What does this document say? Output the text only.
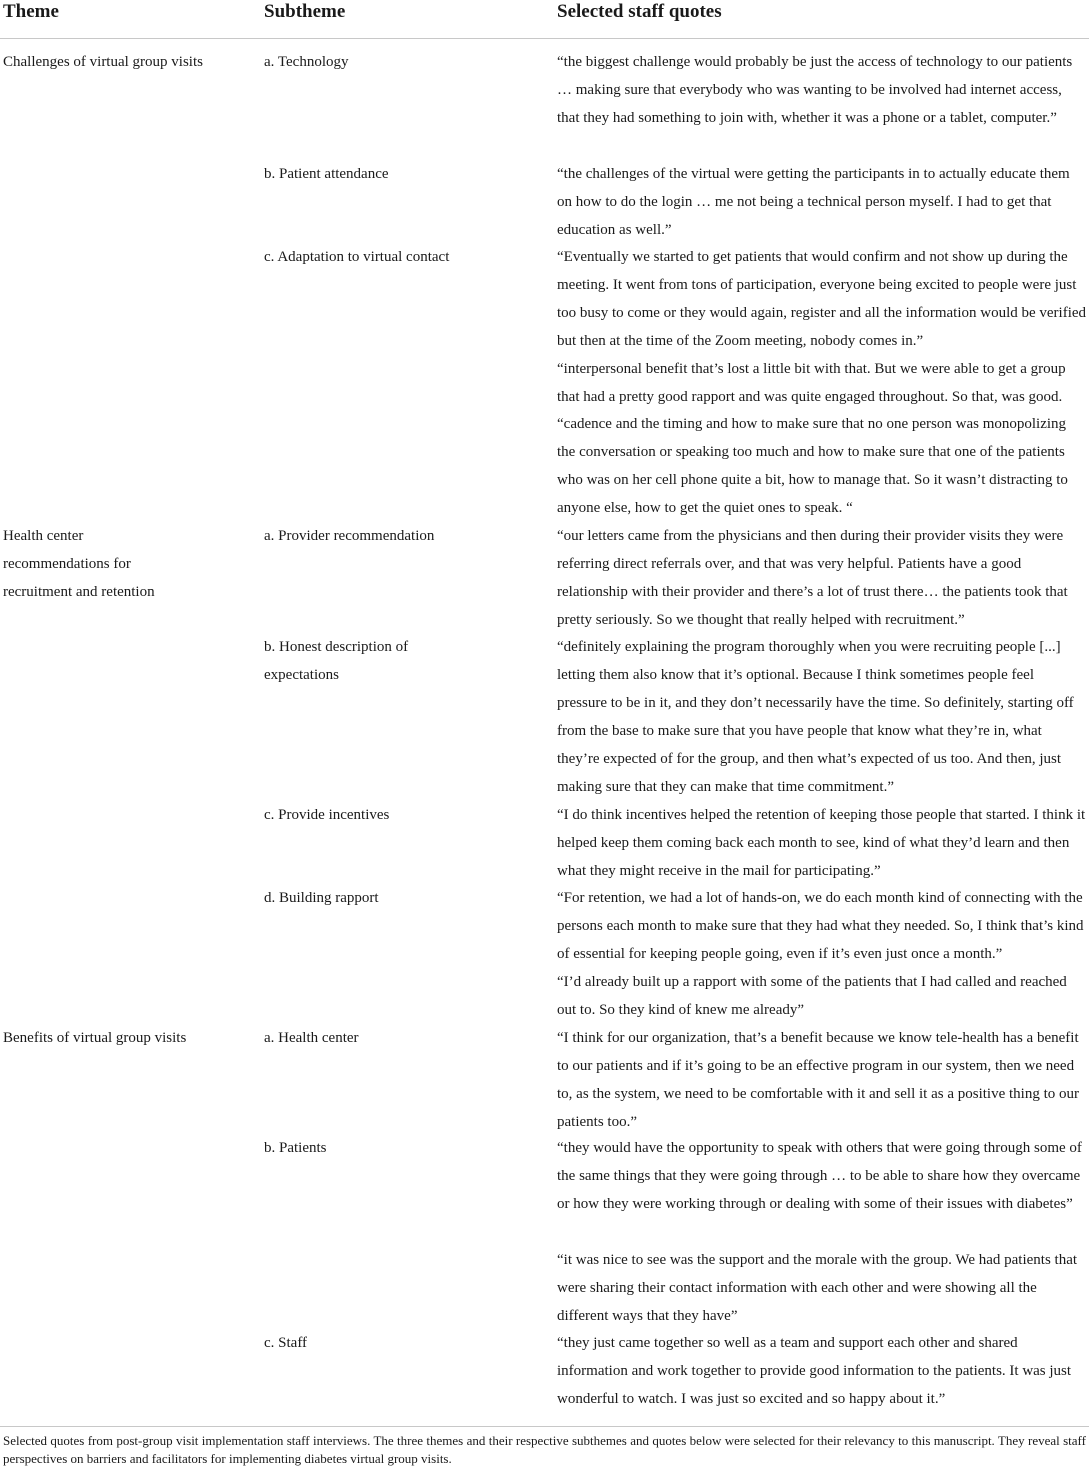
Theme	Subtheme	Selected staff quotes
Challenges of virtual group visits
Health center recommendations for recruitment and retention
Benefits of virtual group visits
a. Technology
b. Patient attendance
c. Adaptation to virtual contact
a. Provider recommendation
b. Honest description of expectations
c. Provide incentives
d. Building rapport
a. Health center
b. Patients
c. Staff
“the biggest challenge would probably be just the access of technology to our patients … making sure that everybody who was wanting to be involved had internet access, that they had something to join with, whether it was a phone or a tablet, computer.”
“the challenges of the virtual were getting the participants in to actually educate them on how to do the login … me not being a technical person myself. I had to get that education as well.”
“Eventually we started to get patients that would confirm and not show up during the meeting. It went from tons of participation, everyone being excited to people were just too busy to come or they would again, register and all the information would be verified but then at the time of the Zoom meeting, nobody comes in.”
“interpersonal benefit that’s lost a little bit with that. But we were able to get a group that had a pretty good rapport and was quite engaged throughout. So that, was good.
“cadence and the timing and how to make sure that no one person was monopolizing the conversation or speaking too much and how to make sure that one of the patients who was on her cell phone quite a bit, how to manage that. So it wasn’t distracting to anyone else, how to get the quiet ones to speak. “
“our letters came from the physicians and then during their provider visits they were referring direct referrals over, and that was very helpful. Patients have a good relationship with their provider and there’s a lot of trust there… the patients took that pretty seriously. So we thought that really helped with recruitment.”
“definitely explaining the program thoroughly when you were recruiting people [...] letting them also know that it’s optional. Because I think sometimes people feel pressure to be in it, and they don’t necessarily have the time. So definitely, starting off from the base to make sure that you have people that know what they’re in, what they’re expected of for the group, and then what’s expected of us too. And then, just making sure that they can make that time commitment.”
“I do think incentives helped the retention of keeping those people that started. I think it helped keep them coming back each month to see, kind of what they’d learn and then what they might receive in the mail for participating.”
“For retention, we had a lot of hands-on, we do each month kind of connecting with the persons each month to make sure that they had what they needed. So, I think that’s kind of essential for keeping people going, even if it’s even just once a month.”
“I’d already built up a rapport with some of the patients that I had called and reached out to. So they kind of knew me already”
“I think for our organization, that’s a benefit because we know tele-health has a benefit to our patients and if it’s going to be an effective program in our system, then we need to, as the system, we need to be comfortable with it and sell it as a positive thing to our patients too.”
“they would have the opportunity to speak with others that were going through some of the same things that they were going through … to be able to share how they overcame or how they were working through or dealing with some of their issues with diabetes”
“it was nice to see was the support and the morale with the group. We had patients that were sharing their contact information with each other and were showing all the different ways that they have”
“they just came together so well as a team and support each other and shared information and work together to provide good information to the patients. It was just wonderful to watch. I was just so excited and so happy about it.”
Selected quotes from post-group visit implementation staff interviews. The three themes and their respective subthemes and quotes below were selected for their relevancy to this manuscript. They reveal staff perspectives on barriers and facilitators for implementing diabetes virtual group visits.
